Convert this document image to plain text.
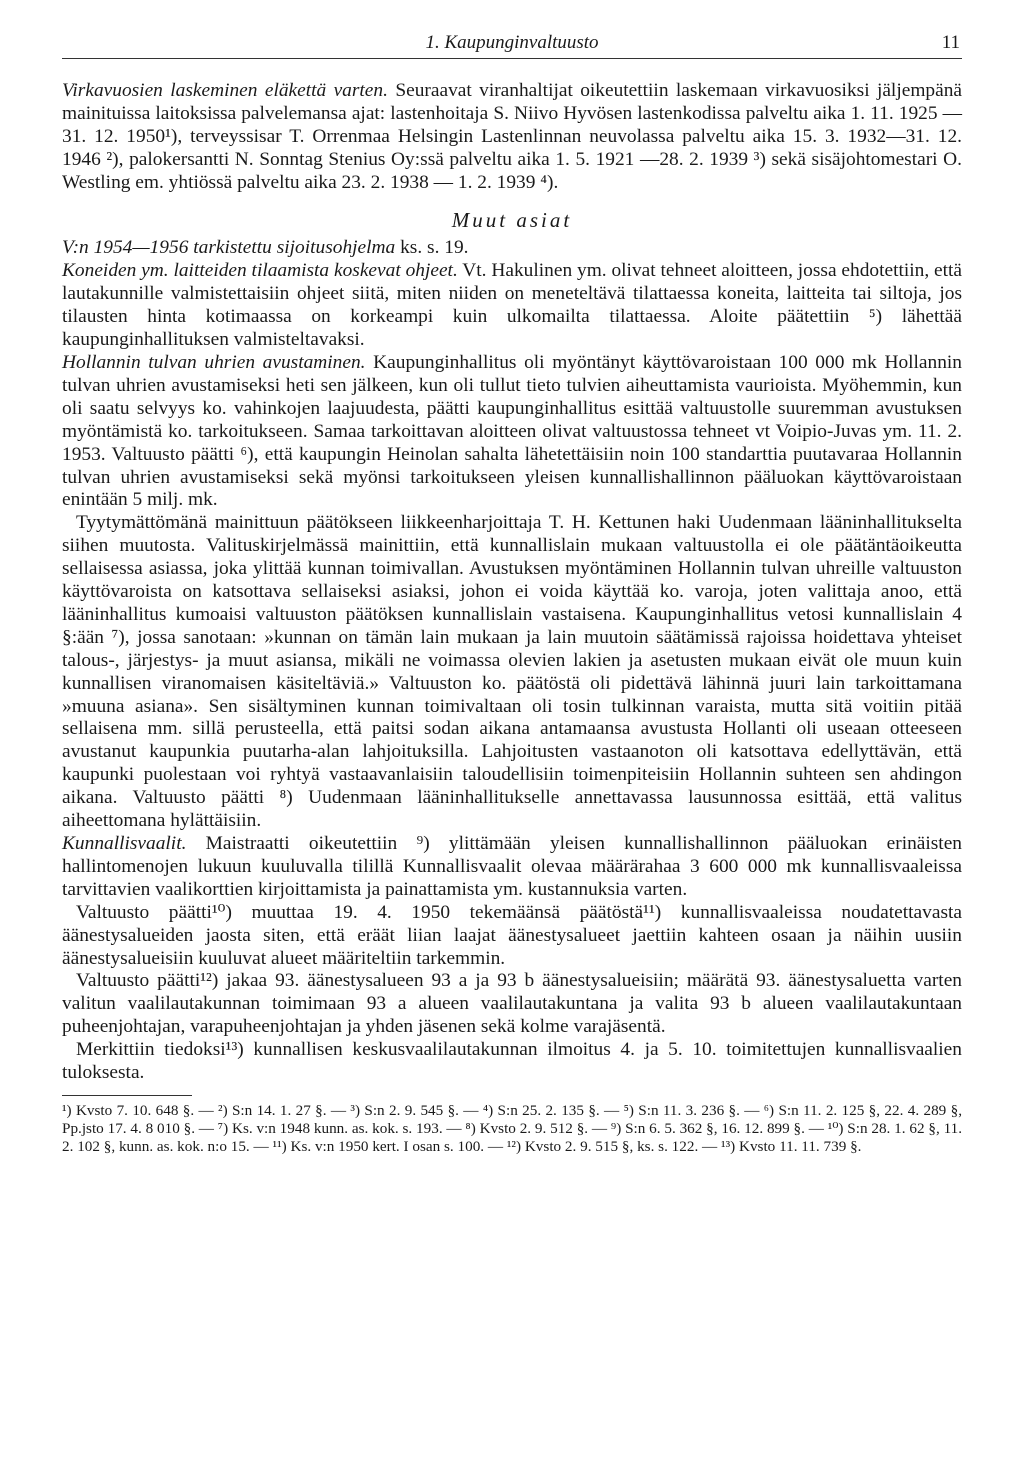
1. Kaupunginvaltuusto	11

Virkavuosien laskeminen eläkettä varten. Seuraavat viranhaltijat oikeutettiin laskemaan virkavuosiksi jäljempänä mainituissa laitoksissa palvelemansa ajat: lastenhoitaja S. Niivo Hyvösen lastenkodissa palveltu aika 1. 11. 1925 — 31. 12. 1950¹), terveyssisar T. Orrenmaa Helsingin Lastenlinnan neuvolassa palveltu aika 15. 3. 1932—31. 12. 1946 ²), palokersantti N. Sonntag Stenius Oy:ssä palveltu aika 1. 5. 1921 —28. 2. 1939 ³) sekä sisäjohtomestari O. Westling em. yhtiössä palveltu aika 23. 2. 1938 — 1. 2. 1939 ⁴).

Muut asiat

V:n 1954—1956 tarkistettu sijoitusohjelma ks. s. 19.

Koneiden ym. laitteiden tilaamista koskevat ohjeet. Vt. Hakulinen ym. olivat tehneet aloitteen, jossa ehdotettiin, että lautakunnille valmistettaisiin ohjeet siitä, miten niiden on meneteltävä tilattaessa koneita, laitteita tai siltoja, jos tilausten hinta kotimaassa on korkeampi kuin ulkomailta tilattaessa. Aloite päätettiin ⁵) lähettää kaupunginhallituksen valmisteltavaksi.

Hollannin tulvan uhrien avustaminen. Kaupunginhallitus oli myöntänyt käyttövaroistaan 100 000 mk Hollannin tulvan uhrien avustamiseksi heti sen jälkeen, kun oli tullut tieto tulvien aiheuttamista vaurioista. Myöhemmin, kun oli saatu selvyys ko. vahinkojen laajuudesta, päätti kaupunginhallitus esittää valtuustolle suuremman avustuksen myöntämistä ko. tarkoitukseen. Samaa tarkoittavan aloitteen olivat valtuustossa tehneet vt Voipio-Juvas ym. 11. 2. 1953. Valtuusto päätti ⁶), että kaupungin Heinolan sahalta lähetettäisiin noin 100 standarttia puutavaraa Hollannin tulvan uhrien avustamiseksi sekä myönsi tarkoitukseen yleisen kunnallishallinnon pääluokan käyttövaroistaan enintään 5 milj. mk.

Tyytymättömänä mainittuun päätökseen liikkeenharjoittaja T. H. Kettunen haki Uudenmaan lääninhallitukselta siihen muutosta. Valituskirjelmässä mainittiin, että kunnallislain mukaan valtuustolla ei ole päätäntäoikeutta sellaisessa asiassa, joka ylittää kunnan toimivallan. Avustuksen myöntäminen Hollannin tulvan uhreille valtuuston käyttövaroista on katsottava sellaiseksi asiaksi, johon ei voida käyttää ko. varoja, joten valittaja anoo, että lääninhallitus kumoaisi valtuuston päätöksen kunnallislain vastaisena. Kaupunginhallitus vetosi kunnallislain 4 §:ään ⁷), jossa sanotaan: »kunnan on tämän lain mukaan ja lain muutoin säätämissä rajoissa hoidettava yhteiset talous-, järjestys- ja muut asiansa, mikäli ne voimassa olevien lakien ja asetusten mukaan eivät ole muun kuin kunnallisen viranomaisen käsiteltäviä.» Valtuuston ko. päätöstä oli pidettävä lähinnä juuri lain tarkoittamana »muuna asiana». Sen sisältyminen kunnan toimivaltaan oli tosin tulkinnan varaista, mutta sitä voitiin pitää sellaisena mm. sillä perusteella, että paitsi sodan aikana antamaansa avustusta Hollanti oli useaan otteeseen avustanut kaupunkia puutarha-alan lahjoituksilla. Lahjoitusten vastaanoton oli katsottava edellyttävän, että kaupunki puolestaan voi ryhtyä vastaavanlaisiin taloudellisiin toimenpiteisiin Hollannin suhteen sen ahdingon aikana. Valtuusto päätti ⁸) Uudenmaan lääninhallitukselle annettavassa lausunnossa esittää, että valitus aiheettomana hylättäisiin.

Kunnallisvaalit. Maistraatti oikeutettiin ⁹) ylittämään yleisen kunnallishallinnon pääluokan erinäisten hallintomenojen lukuun kuuluvalla tilillä Kunnallisvaalit olevaa määrärahaa 3 600 000 mk kunnallisvaaleissa tarvittavien vaalikorttien kirjoittamista ja painattamista ym. kustannuksia varten.

Valtuusto päätti¹⁰) muuttaa 19. 4. 1950 tekemäänsä päätöstä¹¹) kunnallisvaaleissa noudatettavasta äänestysalueiden jaosta siten, että eräät liian laajat äänestysalueet jaettiin kahteen osaan ja näihin uusiin äänestysalueisiin kuuluvat alueet määriteltiin tarkemmin.

Valtuusto päätti¹²) jakaa 93. äänestysalueen 93 a ja 93 b äänestysalueisiin; määrätä 93. äänestysaluetta varten valitun vaalilautakunnan toimimaan 93 a alueen vaalilautakuntana ja valita 93 b alueen vaalilautakuntaan puheenjohtajan, varapuheenjohtajan ja yhden jäsenen sekä kolme varajäsentä.

Merkittiin tiedoksi¹³) kunnallisen keskusvaalilautakunnan ilmoitus 4. ja 5. 10. toimitettujen kunnallisvaalien tuloksesta.

¹) Kvsto 7. 10. 648 §. — ²) S:n 14. 1. 27 §. — ³) S:n 2. 9. 545 §. — ⁴) S:n 25. 2. 135 §. — ⁵) S:n 11. 3. 236 §. — ⁶) S:n 11. 2. 125 §, 22. 4. 289 §, Pp.jsto 17. 4. 8 010 §. — ⁷) Ks. v:n 1948 kunn. as. kok. s. 193. — ⁸) Kvsto 2. 9. 512 §. — ⁹) S:n 6. 5. 362 §, 16. 12. 899 §. — ¹⁰) S:n 28. 1. 62 §, 11. 2. 102 §, kunn. as. kok. n:o 15. — ¹¹) Ks. v:n 1950 kert. I osan s. 100. — ¹²) Kvsto 2. 9. 515 §, ks. s. 122. — ¹³) Kvsto 11. 11. 739 §.
